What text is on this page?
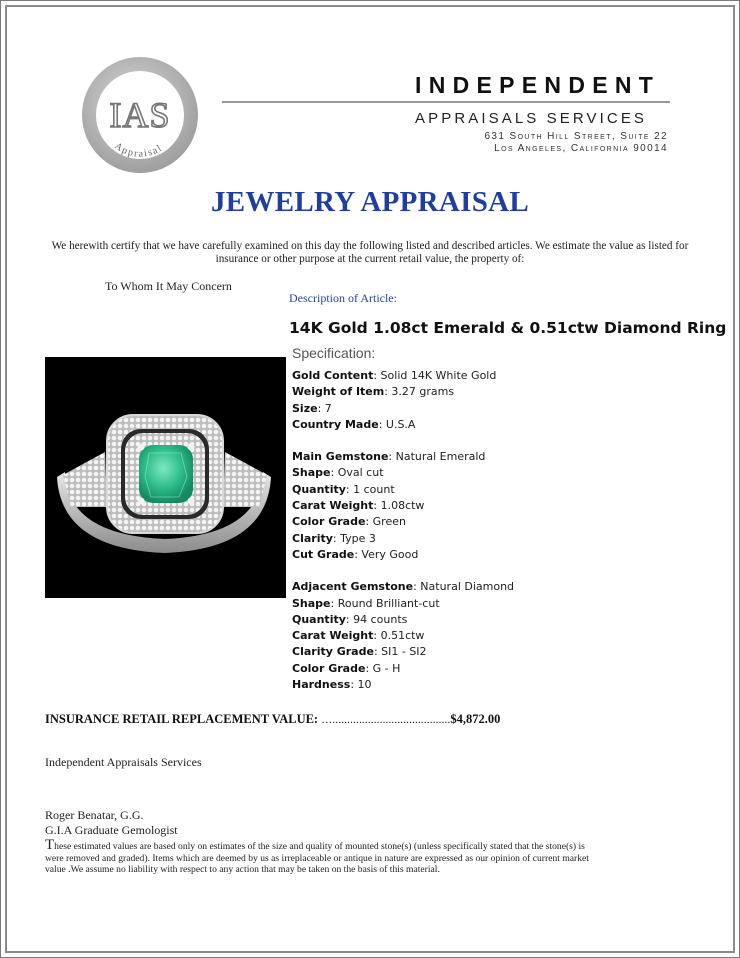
IAS
Appraisal
INDEPENDENT
APPRAISALS SERVICES
631 South Hill Street, Suite 22
Los Angeles, California 90014
JEWELRY APPRAISAL
We herewith certify that we have carefully examined on this day the following listed and described articles. We estimate the value as listed for insurance or other purpose at the current retail value, the property of:
To Whom It May Concern
Description of Article:
14K Gold 1.08ct Emerald & 0.51ctw Diamond Ring
Specification:
Gold Content: Solid 14K White Gold
Weight of Item: 3.27 grams
Size: 7
Country Made: U.S.A
Main Gemstone: Natural Emerald
Shape: Oval cut
Quantity: 1 count
Carat Weight: 1.08ctw
Color Grade: Green
Clarity: Type 3
Cut Grade: Very Good
Adjacent Gemstone: Natural Diamond
Shape: Round Brilliant-cut
Quantity: 94 counts
Carat Weight: 0.51ctw
Clarity Grade: SI1 - SI2
Color Grade: G - H
Hardness: 10
INSURANCE RETAIL REPLACEMENT VALUE: …........................................$4,872.00
Independent Appraisals Services
Roger Benatar, G.G.
G.I.A Graduate Gemologist
These estimated values are based only on estimates of the size and quality of mounted stone(s) (unless specifically stated that the stone(s) is were removed and graded). Items which are deemed by us as irreplaceable or antique in nature are expressed as our opinion of current market value .We assume no liability with respect to any action that may be taken on the basis of this material.
